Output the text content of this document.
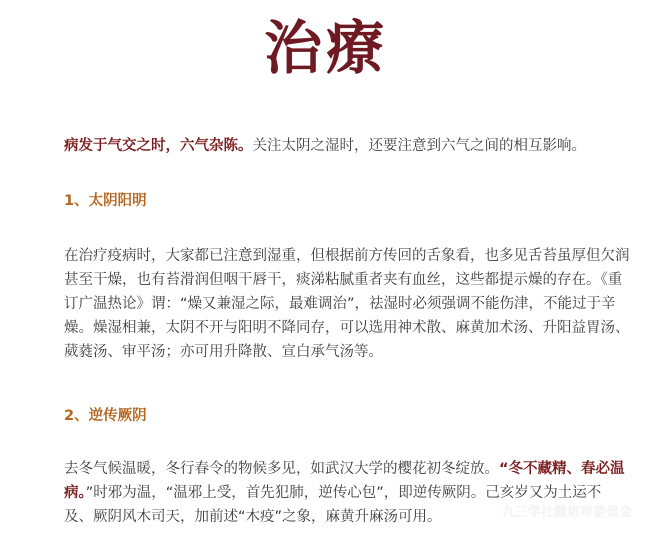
治療

病发于气交之时，六气杂陈。关注太阴之湿时，还要注意到六气之间的相互影响。

1、太阴阳明

在治疗疫病时，大家都已注意到湿重，但根据前方传回的舌象看，也多见舌苔虽厚但欠润甚至干燥，也有苔滑润但咽干唇干，痰涕粘腻重者夹有血丝，这些都提示燥的存在。《重订广温热论》谓：“燥又兼湿之际，最难调治”，祛湿时必须强调不能伤津，不能过于辛燥。燥湿相兼，太阴不开与阳明不降同存，可以选用神术散、麻黄加术汤、升阳益胃汤、葳蕤汤、审平汤；亦可用升降散、宣白承气汤等。

2、逆传厥阴

去冬气候温暖，冬行春令的物候多见，如武汉大学的樱花初冬绽放。“冬不藏精、春必温病。”时邪为温，“温邪上受，首先犯肺，逆传心包”，即逆传厥阴。己亥岁又为土运不及、厥阴风木司天，加前述“木疫”之象，麻黄升麻汤可用。	九三学社潍坊市委员会
